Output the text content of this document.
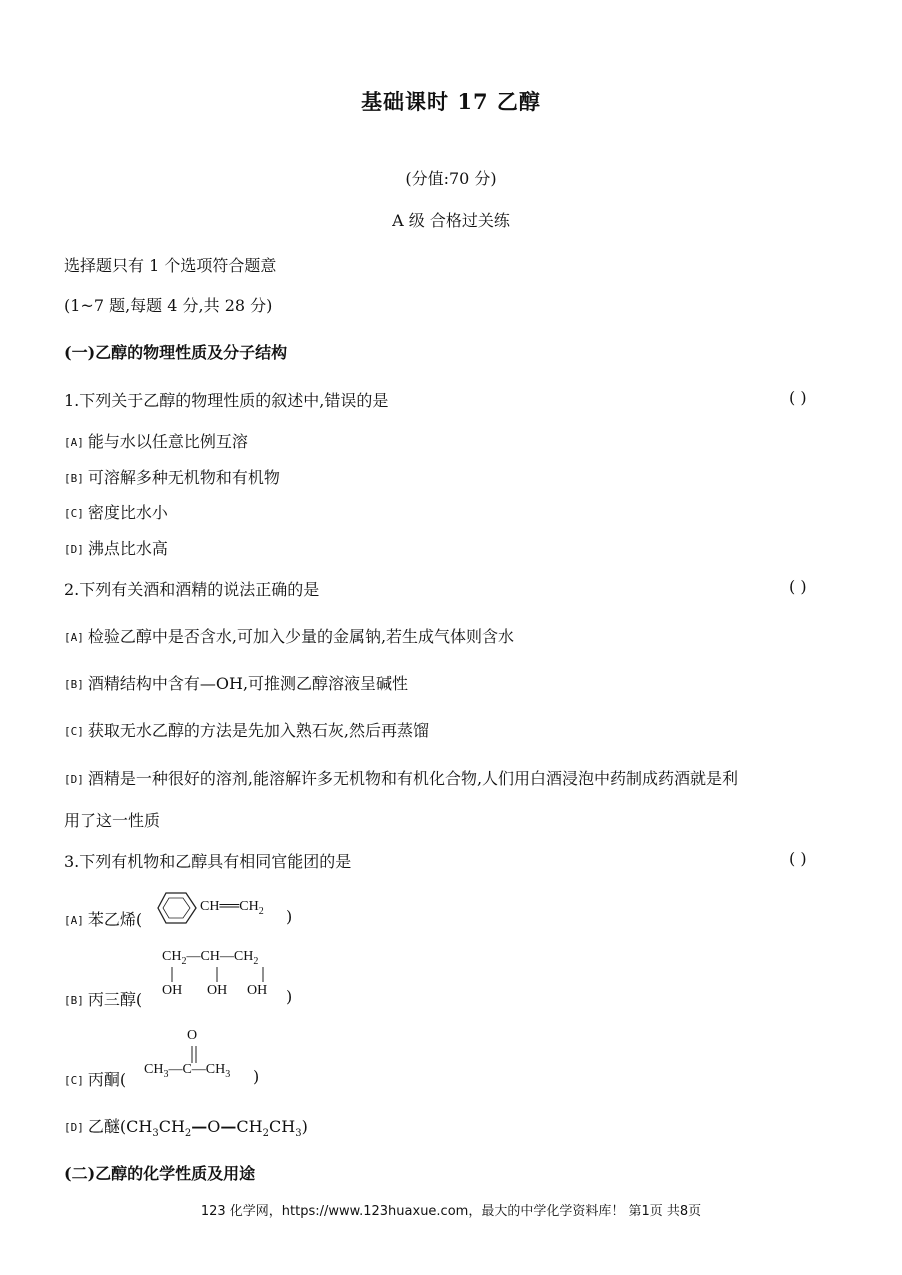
基础课时 17 乙醇
(分值:70 分)
A 级 合格过关练
选择题只有 1 个选项符合题意
(1~7 题,每题 4 分,共 28 分)
(一)乙醇的物理性质及分子结构
1.下列关于乙醇的物理性质的叙述中,错误的是	( )
[A] 能与水以任意比例互溶
[B] 可溶解多种无机物和有机物
[C] 密度比水小
[D] 沸点比水高
2.下列有关酒和酒精的说法正确的是	( )
[A] 检验乙醇中是否含水,可加入少量的金属钠,若生成气体则含水
[B] 酒精结构中含有—OH,可推测乙醇溶液呈碱性
[C] 获取无水乙醇的方法是先加入熟石灰,然后再蒸馏
[D] 酒精是一种很好的溶剂,能溶解许多无机物和有机化合物,人们用白酒浸泡中药制成药酒就是利
用了这一性质
3.下列有机物和乙醇具有相同官能团的是	( )
[A] 苯乙烯(
$CH══CH_2$ )
$CH_2—CH—CH_2$
OH OH OH
[B] 丙三醇(	)
O
$CH_3—C—CH_3$
[C] 丙酮(	)
[D] 乙醚$(CH_3CH_2—O—CH_2CH_3)$
(二)乙醇的化学性质及用途
123 化学网，https://www.123huaxue.com，最大的中学化学资料库！ 第1页 共8页
